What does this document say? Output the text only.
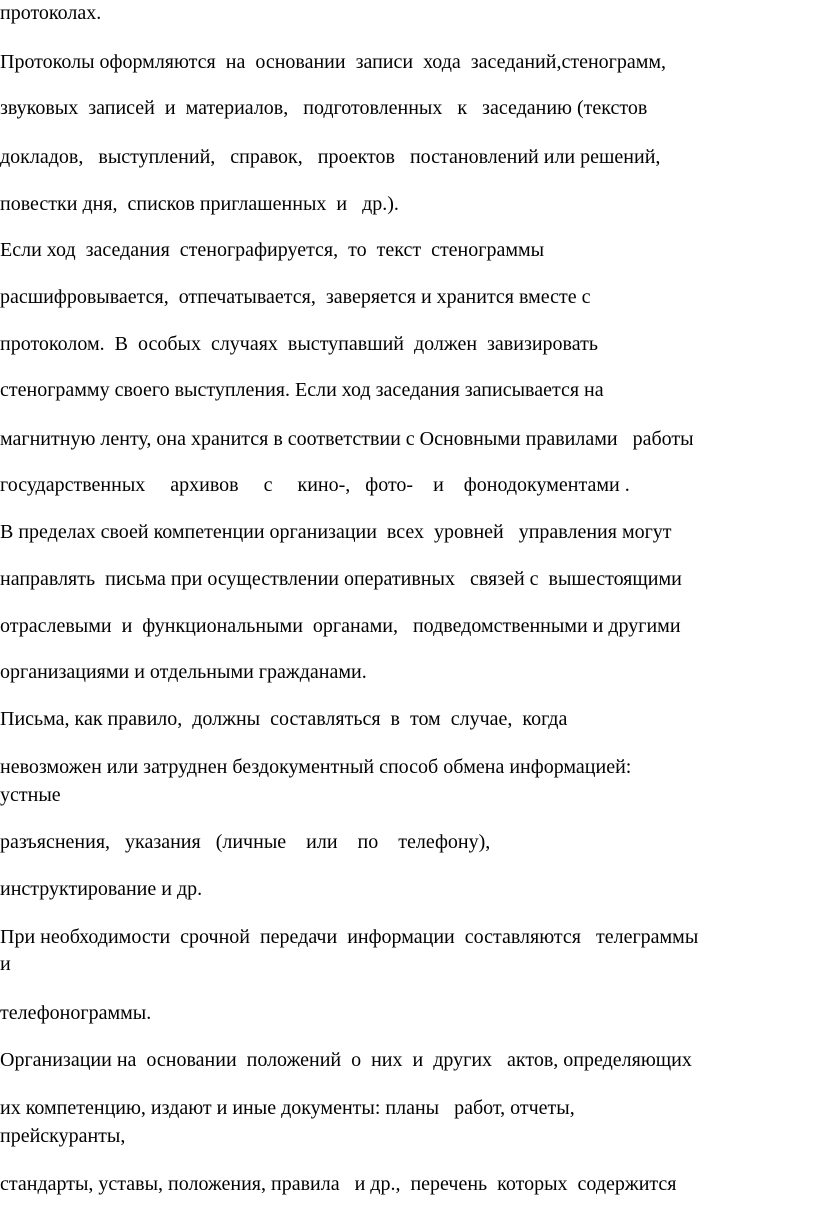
протоколах.

Протоколы оформляются  на  основании  записи  хода  заседаний,стенограмм,

звуковых  записей  и  материалов,   подготовленных   к   заседанию (текстов

докладов,   выступлений,   справок,   проектов   постановлений или решений,

повестки дня,  списков приглашенных  и   др.).

Если ход  заседания  стенографируется,  то  текст  стенограммы

расшифровывается,  отпечатывается,  заверяется и хранится вместе с

протоколом.  В  особых  случаях  выступавший  должен  завизировать

стенограмму своего выступления. Если ход заседания записывается на

магнитную ленту, она хранится в соответствии с Основными правилами   работы

государственных     архивов     с     кино-,   фото-    и    фонодокументами .

В пределах своей компетенции организации  всех  уровней   управления могут

направлять  письма при осуществлении оперативных   связей с  вышестоящими

отраслевыми  и  функциональными  органами,   подведомственными и другими

организациями и отдельными гражданами.

Письма, как правило,  должны  составляться  в  том  случае,  когда

невозможен или затруднен бездокументный способ обмена информацией:

устные

разъяснения,   указания   (личные    или    по    телефону),

инструктирование и др.

При необходимости  срочной  передачи  информации  составляются   телеграммы

и

телефонограммы.

Организации на  основании  положений  о  них  и  других   актов, определяющих

их компетенцию, издают и иные документы: планы   работ, отчеты,

прейскуранты,

стандарты, уставы, положения, правила   и др.,  перечень  которых  содержится
